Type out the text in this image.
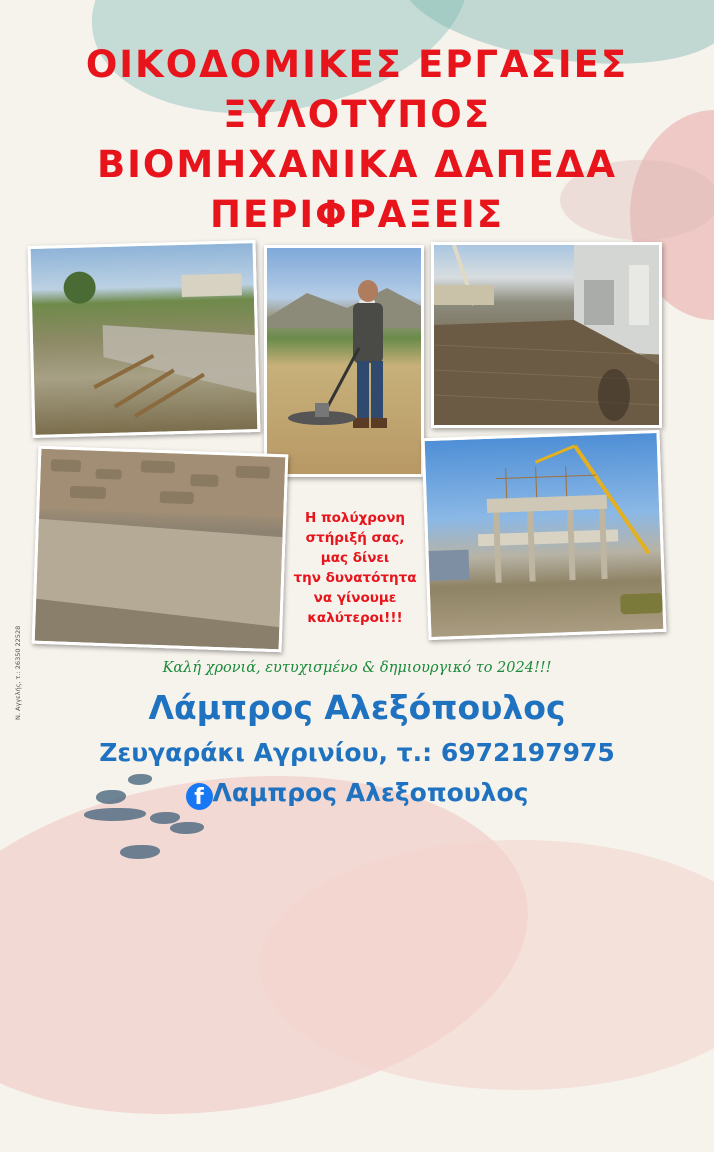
ΟΙΚΟΔΟΜΙΚΕΣ ΕΡΓΑΣΙΕΣ
ΞΥΛΟΤΥΠΟΣ
ΒΙΟΜΗΧΑΝΙΚΑ ΔΑΠΕΔΑ
ΠΕΡΙΦΡΑΞΕΙΣ
Η πολύχρονη
στήριξή σας,
μας δίνει
την δυνατότητα
να γίνουμε
καλύτεροι!!!
Καλή χρονιά, ευτυχισμένο & δημιουργικό το 2024!!!
Λάμπρος Αλεξόπουλος
Ζευγαράκι Αγρινίου, τ.: 6972197975
f Λαμπρος Αλεξοπουλος
Ν. Αγγελής, τ.: 26350 22528
